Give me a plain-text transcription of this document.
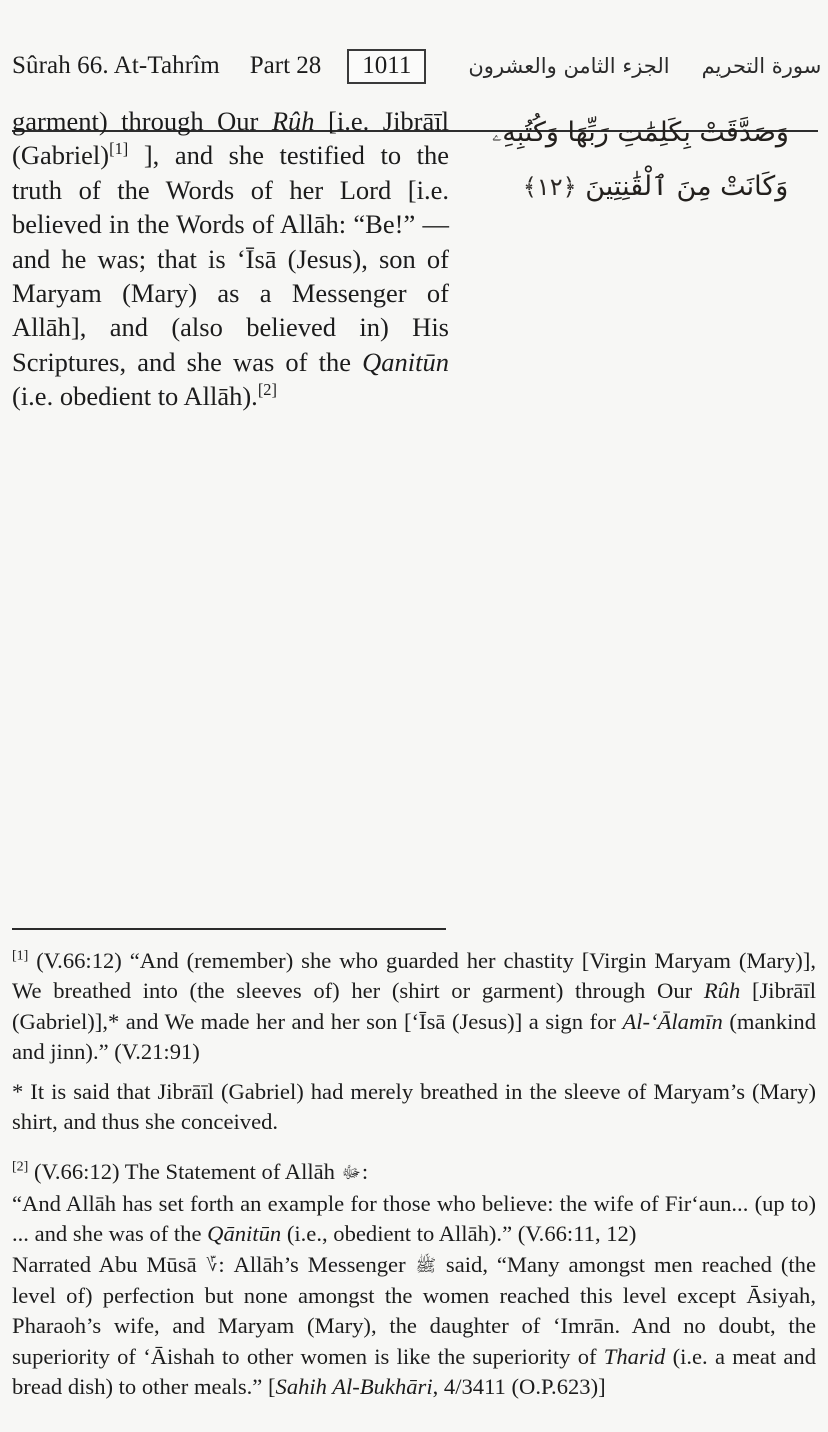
Sûrah 66. At-Tahrîm Part 28	1011	الجزء الثامن والعشرون سورة التحريم

garment) through Our Rûh [i.e. Jibrāīl (Gabriel)[1] ], and she testified to the truth of the Words of her Lord [i.e. believed in the Words of Allāh: “Be!” — and he was; that is ‘Īsā (Jesus), son of Maryam (Mary) as a Messenger of Allāh], and (also believed in) His Scriptures, and she was of the Qanitūn (i.e. obedient to Allāh).[2]

وَصَدَّقَتْ بِكَلِمَٰتِ رَبِّهَا وَكُتُبِهِۦ
وَكَانَتْ مِنَ ٱلْقَٰنِتِينَ ﴿١٢﴾

[1] (V.66:12) “And (remember) she who guarded her chastity [Virgin Maryam (Mary)], We breathed into (the sleeves of) her (shirt or garment) through Our Rûh [Jibrāīl (Gabriel)],* and We made her and her son [‘Īsā (Jesus)] a sign for Al-‘Ālamīn (mankind and jinn).” (V.21:91)

* It is said that Jibrāīl (Gabriel) had merely breathed in the sleeve of Maryam’s (Mary) shirt, and thus she conceived.

[2] (V.66:12) The Statement of Allāh ﷻ:

“And Allāh has set forth an example for those who believe: the wife of Fir‘aun... (up to) ... and she was of the Qānitūn (i.e., obedient to Allāh).” (V.66:11, 12)

Narrated Abu Mūsā ؆: Allāh’s Messenger ﷺ said, “Many amongst men reached (the level of) perfection but none amongst the women reached this level except Āsiyah, Pharaoh’s wife, and Maryam (Mary), the daughter of ‘Imrān. And no doubt, the superiority of ‘Āishah to other women is like the superiority of Tharid (i.e. a meat and bread dish) to other meals.” [Sahih Al-Bukhāri, 4/3411 (O.P.623)]
